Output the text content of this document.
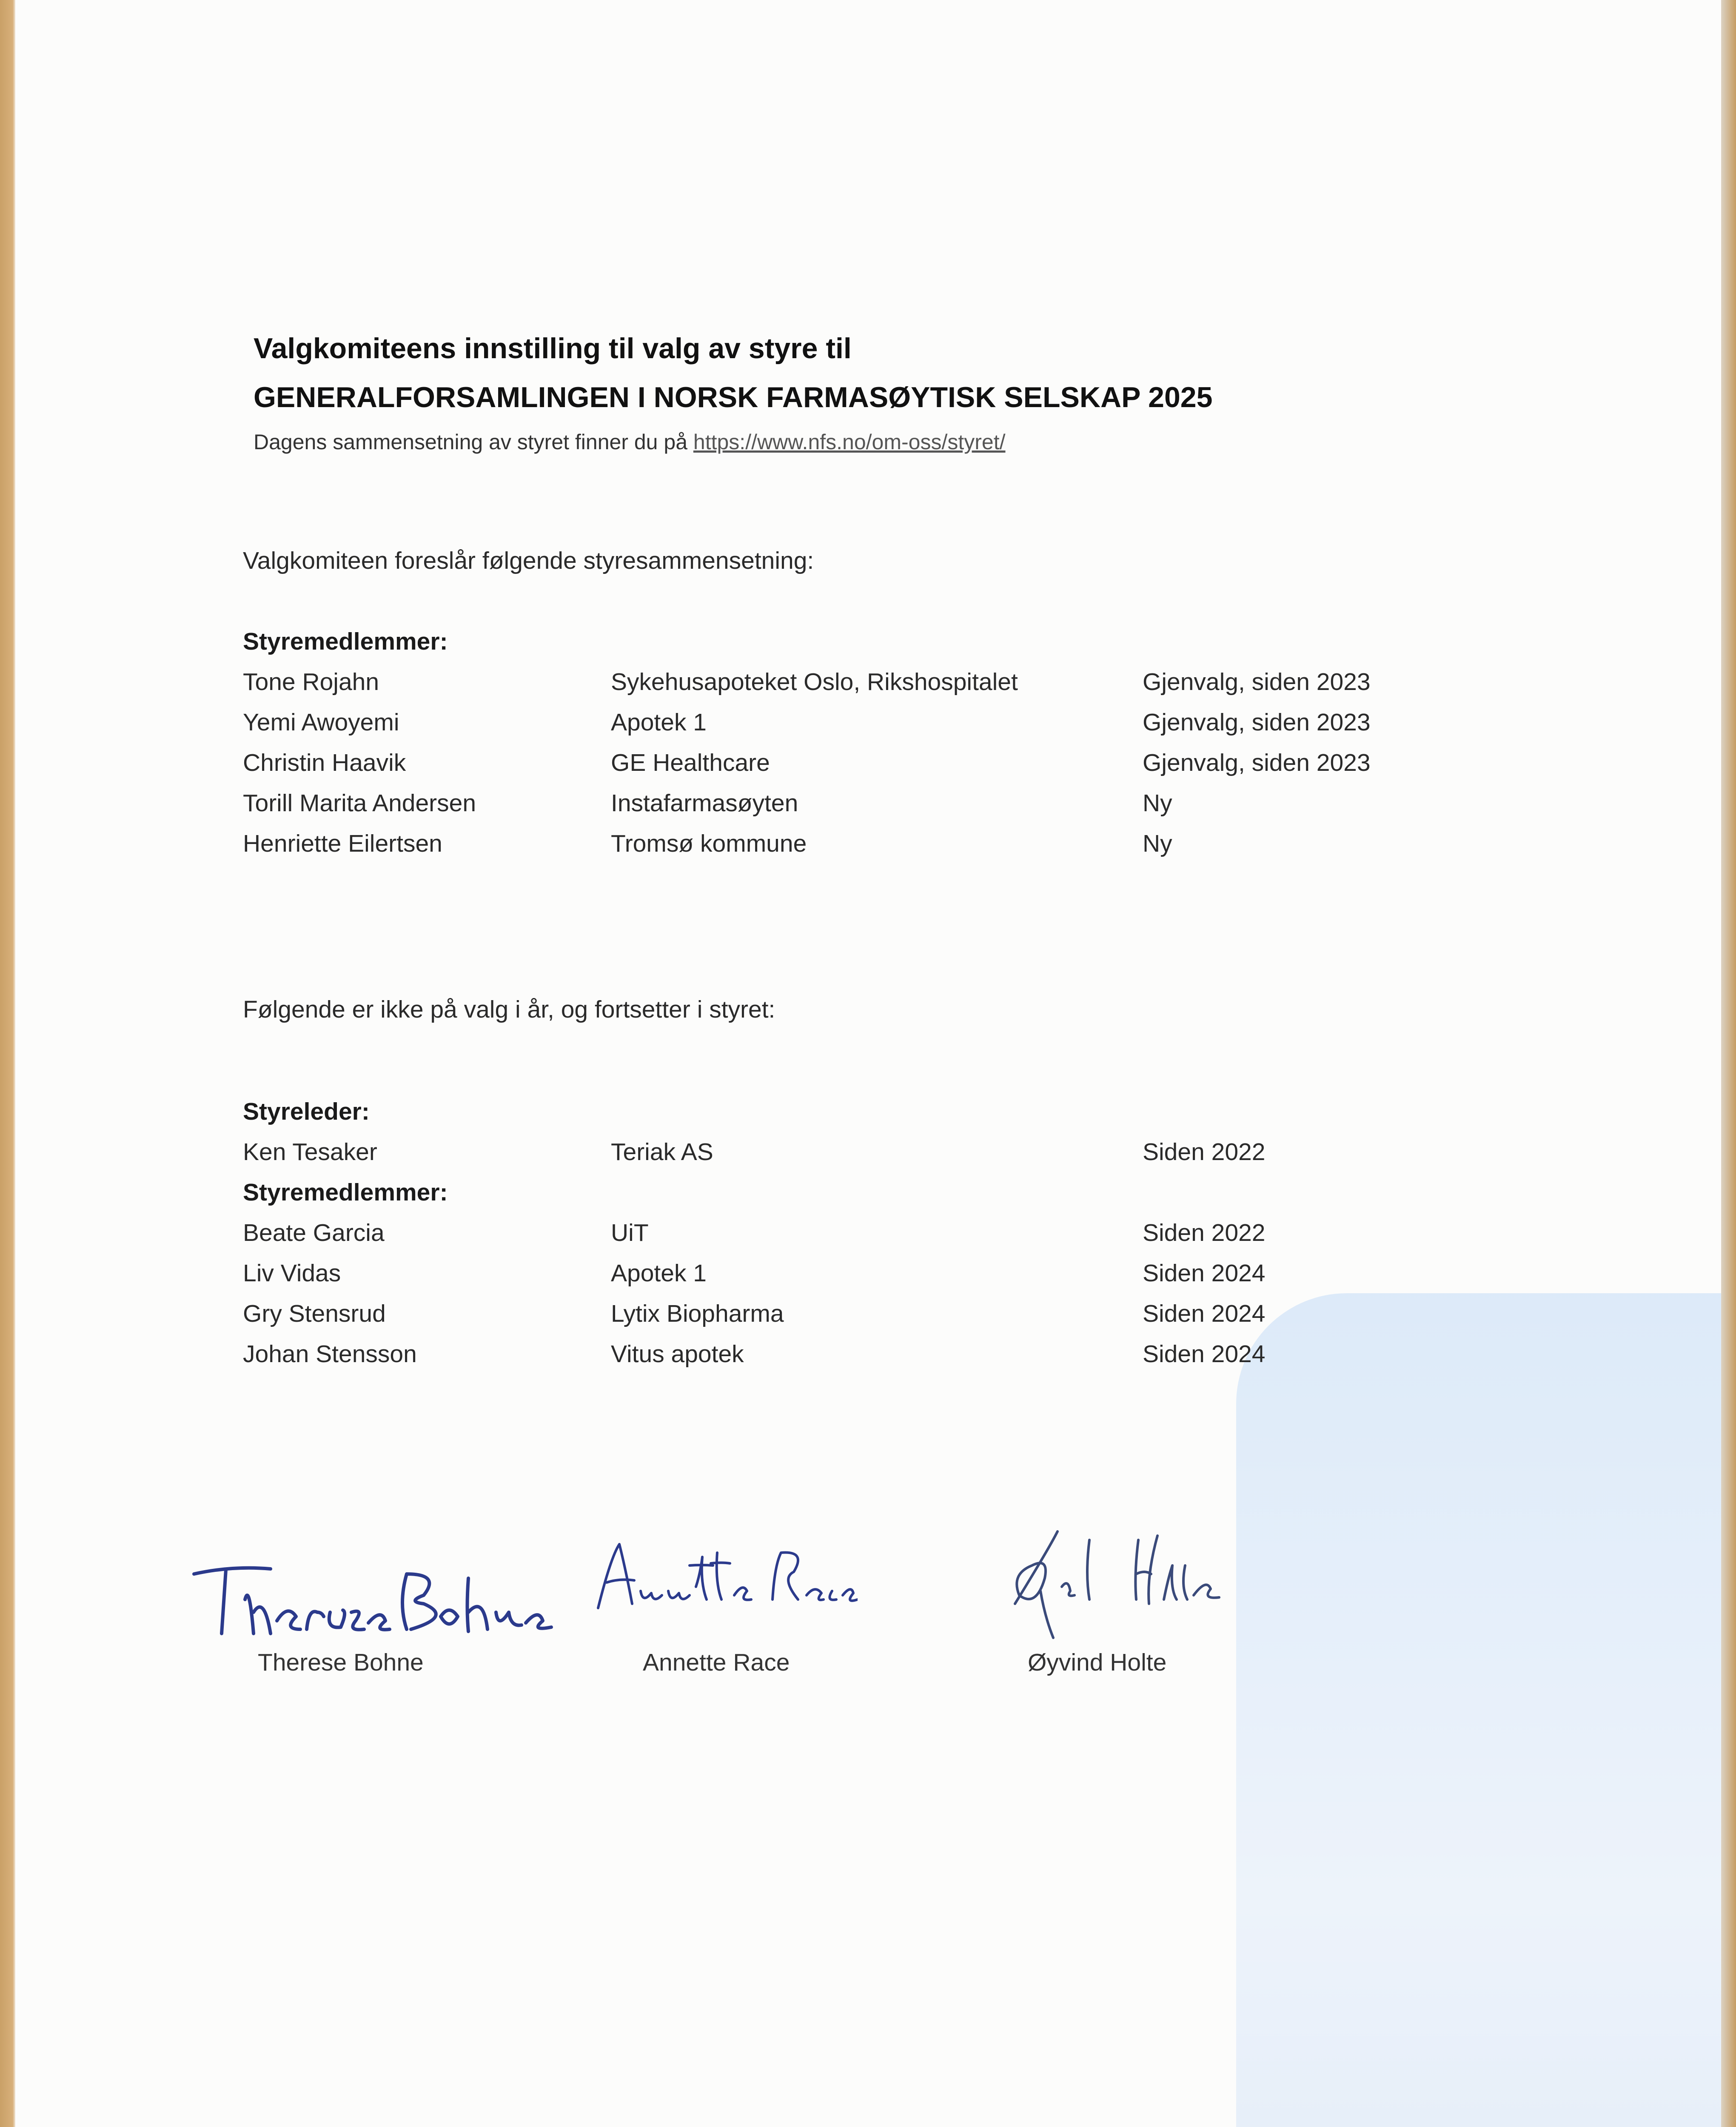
Valgkomiteens innstilling til valg av styre til
GENERALFORSAMLINGEN I NORSK FARMASØYTISK SELSKAP 2025
Dagens sammensetning av styret finner du på https://www.nfs.no/om-oss/styret/
Valgkomiteen foreslår følgende styresammensetning:
Styremedlemmer:
Tone Rojahn	Sykehusapoteket Oslo, Rikshospitalet	Gjenvalg, siden 2023
Yemi Awoyemi	Apotek 1	Gjenvalg, siden 2023
Christin Haavik	GE Healthcare	Gjenvalg, siden 2023
Torill Marita Andersen	Instafarmasøyten	Ny
Henriette Eilertsen	Tromsø kommune	Ny
Følgende er ikke på valg i år, og fortsetter i styret:
Styreleder:
Ken Tesaker	Teriak AS	Siden 2022
Styremedlemmer:
Beate Garcia	UiT	Siden 2022
Liv Vidas	Apotek 1	Siden 2024
Gry Stensrud	Lytix Biopharma	Siden 2024
Johan Stensson	Vitus apotek	Siden 2024
Therese Bohne	Annette Race	Øyvind Holte
